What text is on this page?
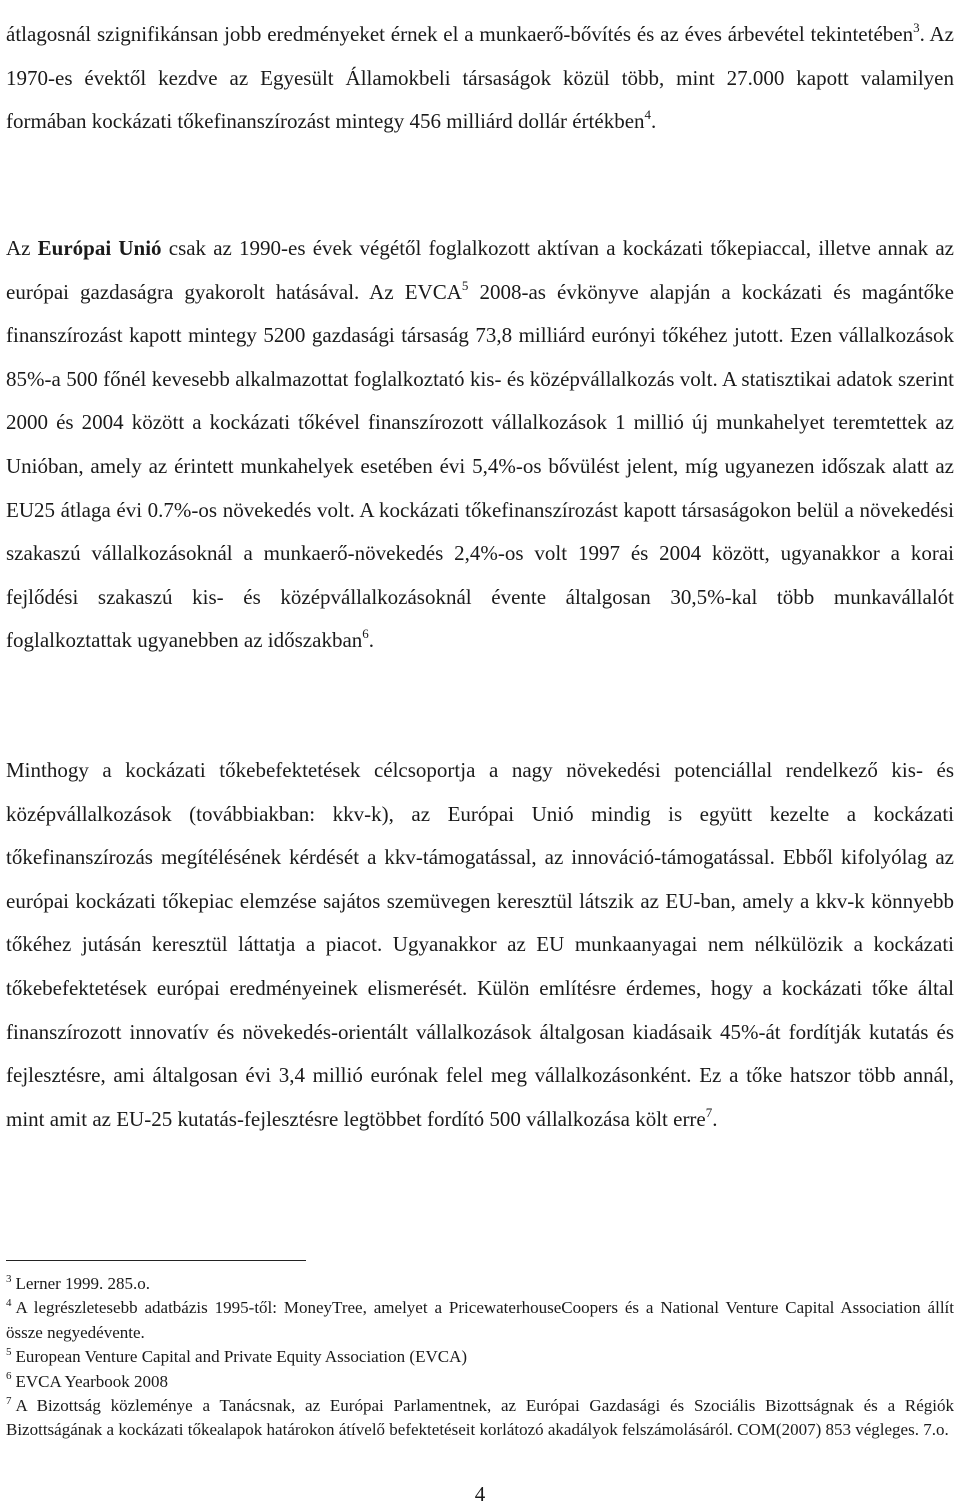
átlagosnál szignifikánsan jobb eredményeket érnek el a munkaerő-bővítés és az éves árbevétel tekintetében$^3$. Az 1970-es évektől kezdve az Egyesült Államokbeli társaságok közül több, mint 27.000 kapott valamilyen formában kockázati tőkefinanszírozást mintegy 456 milliárd dollár értékben$^4$.

Az Európai Unió csak az 1990-es évek végétől foglalkozott aktívan a kockázati tőkepiaccal, illetve annak az európai gazdaságra gyakorolt hatásával. Az EVCA$^5$ 2008-as évkönyve alapján a kockázati és magántőke finanszírozást kapott mintegy 5200 gazdasági társaság 73,8 milliárd eurónyi tőkéhez jutott. Ezen vállalkozások 85%-a 500 főnél kevesebb alkalmazottat foglalkoztató kis- és középvállalkozás volt. A statisztikai adatok szerint 2000 és 2004 között a kockázati tőkével finanszírozott vállalkozások 1 millió új munkahelyet teremtettek az Unióban, amely az érintett munkahelyek esetében évi 5,4%-os bővülést jelent, míg ugyanezen időszak alatt az EU25 átlaga évi 0.7%-os növekedés volt. A kockázati tőkefinanszírozást kapott társaságokon belül a növekedési szakaszú vállalkozásoknál a munkaerő-növekedés 2,4%-os volt 1997 és 2004 között, ugyanakkor a korai fejlődési szakaszú kis- és középvállalkozásoknál évente általgosan 30,5%-kal több munkavállalót foglalkoztattak ugyanebben az időszakban$^6$.

Minthogy a kockázati tőkebefektetések célcsoportja a nagy növekedési potenciállal rendelkező kis- és középvállalkozások (továbbiakban: kkv-k), az Európai Unió mindig is együtt kezelte a kockázati tőkefinanszírozás megítélésének kérdését a kkv-támogatással, az innováció-támogatással. Ebből kifolyólag az európai kockázati tőkepiac elemzése sajátos szemüvegen keresztül látszik az EU-ban, amely a kkv-k könnyebb tőkéhez jutásán keresztül láttatja a piacot. Ugyanakkor az EU munkaanyagai nem nélkülözik a kockázati tőkebefektetések európai eredményeinek elismerését. Külön említésre érdemes, hogy a kockázati tőke által finanszírozott innovatív és növekedés-orientált vállalkozások általgosan kiadásaik 45%-át fordítják kutatás és fejlesztésre, ami általgosan évi 3,4 millió eurónak felel meg vállalkozásonként. Ez a tőke hatszor több annál, mint amit az EU-25 kutatás-fejlesztésre legtöbbet fordító 500 vállalkozása költ erre$^7$.

$^3$ Lerner 1999. 285.o.

$^4$ A legrészletesebb adatbázis 1995-től: MoneyTree, amelyet a PricewaterhouseCoopers és a National Venture Capital Association állít össze negyedévente.

$^5$ European Venture Capital and Private Equity Association (EVCA)

$^6$ EVCA Yearbook 2008

$^7$ A Bizottság közleménye a Tanácsnak, az Európai Parlamentnek, az Európai Gazdasági és Szociális Bizottságnak és a Régiók Bizottságának a kockázati tőkealapok határokon átívelő befektetéseit korlátozó akadályok felszámolásáról. COM(2007) 853 végleges. 7.o.

4
